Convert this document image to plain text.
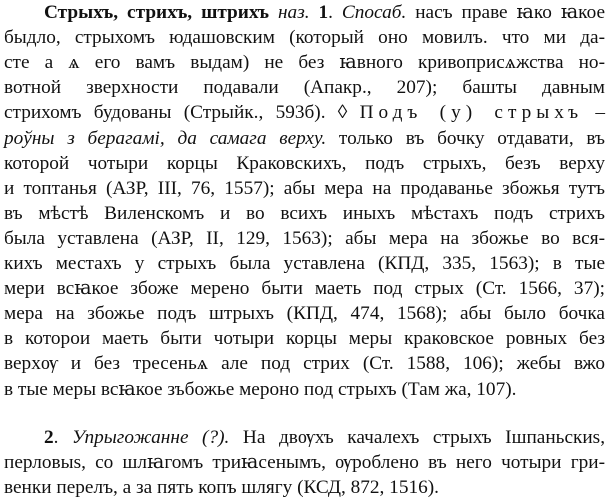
Стрыхъ, стрихъ, штрихъ наз. 1. Спосаб. насъ праве ꙗко ꙗкое
быдло, стрыхомъ юдашовским (который оно мовилъ. что ми да-
сте а ѧ его вамъ выдам) не без ꙗвного кривоприсѧжства но-
вотной зверхности подавали (Апакр., 207); башты давным
стрихомъ будованы (Стрыйк., 593б). ◊ Подъ (у) стрыхъ –
роўны з берагамі, да самага верху. только въ бочку отдавати, въ
которой чотыри корцы Краковскихъ, подъ стрыхъ, безъ верху
и топтанья (АЗР, III, 76, 1557); абы мера на продаванье збожья тутъ
въ мѣстѣ Виленскомъ и во всихъ иныхъ мѣстахъ подъ стрихъ
была уставлена (АЗР, II, 129, 1563); абы мера на збожье во вся-
кихъ местахъ у стрыхъ была уставлена (КПД, 335, 1563); в тые
мери всꙗкое збоже мерено быти маеть под стрых (Ст. 1566, 37);
мера на збожье подъ штрыхъ (КПД, 474, 1568); абы было бочка
в которои маеть быти чотыри корцы меры краковское ровных без
верхѹ и без тресеньѧ але под стрих (Ст. 1588, 106); жебы вжо
в тые меры всꙗкое зъбожье мероно под стрыхъ (Там жа, 107).
2. Упрыгожанне (?). На двѹхъ качалехъ стрыхъ Ішпаньскиѕ,
перловыѕ, со шлꙗгомъ триꙗсенымъ, ѹроблено въ него чотыри гри-
венки перелъ, а за пять копъ шлягу (КСД, 872, 1516).
